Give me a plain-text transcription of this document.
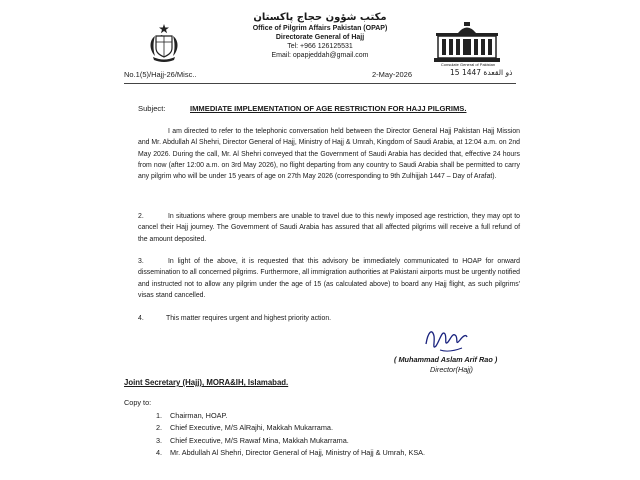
مکتب شؤون حجاج پاکستان
Office of Pilgrim Affairs Pakistan (OPAP)
Directorate General of Hajj
Tel: +966 126125531
Email: opapjeddah@gmail.com
Consulate General of Pakistan
No.1(5)/Hajj-26/Misc..	2-May-2026	15 ذو القعدة 1447
Subject:	IMMEDIATE IMPLEMENTATION OF AGE RESTRICTION FOR HAJJ PILGRIMS.
I am directed to refer to the telephonic conversation held between the Director General Hajj Pakistan Hajj Mission and Mr. Abdullah Al Shehri, Director General of Hajj, Ministry of Hajj & Umrah, Kingdom of Saudi Arabia, at 12:04 a.m. on 2nd May 2026. During the call, Mr. Al Shehri conveyed that the Government of Saudi Arabia has decided that, effective 24 hours from now (after 12:00 a.m. on 3rd May 2026), no flight departing from any country to Saudi Arabia shall be permitted to carry any pilgrim who will be under 15 years of age on 27th May 2026 (corresponding to 9th Zulhijjah 1447 – Day of Arafat).
2.	In situations where group members are unable to travel due to this newly imposed age restriction, they may opt to cancel their Hajj journey. The Government of Saudi Arabia has assured that all affected pilgrims will receive a full refund of the amount deposited.
3.	In light of the above, it is requested that this advisory be immediately communicated to HOAP for onward dissemination to all concerned pilgrims. Furthermore, all immigration authorities at Pakistani airports must be urgently notified and instructed not to allow any pilgrim under the age of 15 (as calculated above) to board any Hajj flight, as such pilgrims' visas stand cancelled.
4.	This matter requires urgent and highest priority action.
( Muhammad Aslam Arif Rao )
Director(Hajj)
Joint Secretary (Hajj), MORA&IH, Islamabad.
Copy to:
1. Chairman, HOAP.
2. Chief Executive, M/S AlRajhi, Makkah Mukarrama.
3. Chief Executive, M/S Rawaf Mina, Makkah Mukarrama.
4. Mr. Abdullah Al Shehri, Director General of Hajj, Ministry of Hajj & Umrah, KSA.
